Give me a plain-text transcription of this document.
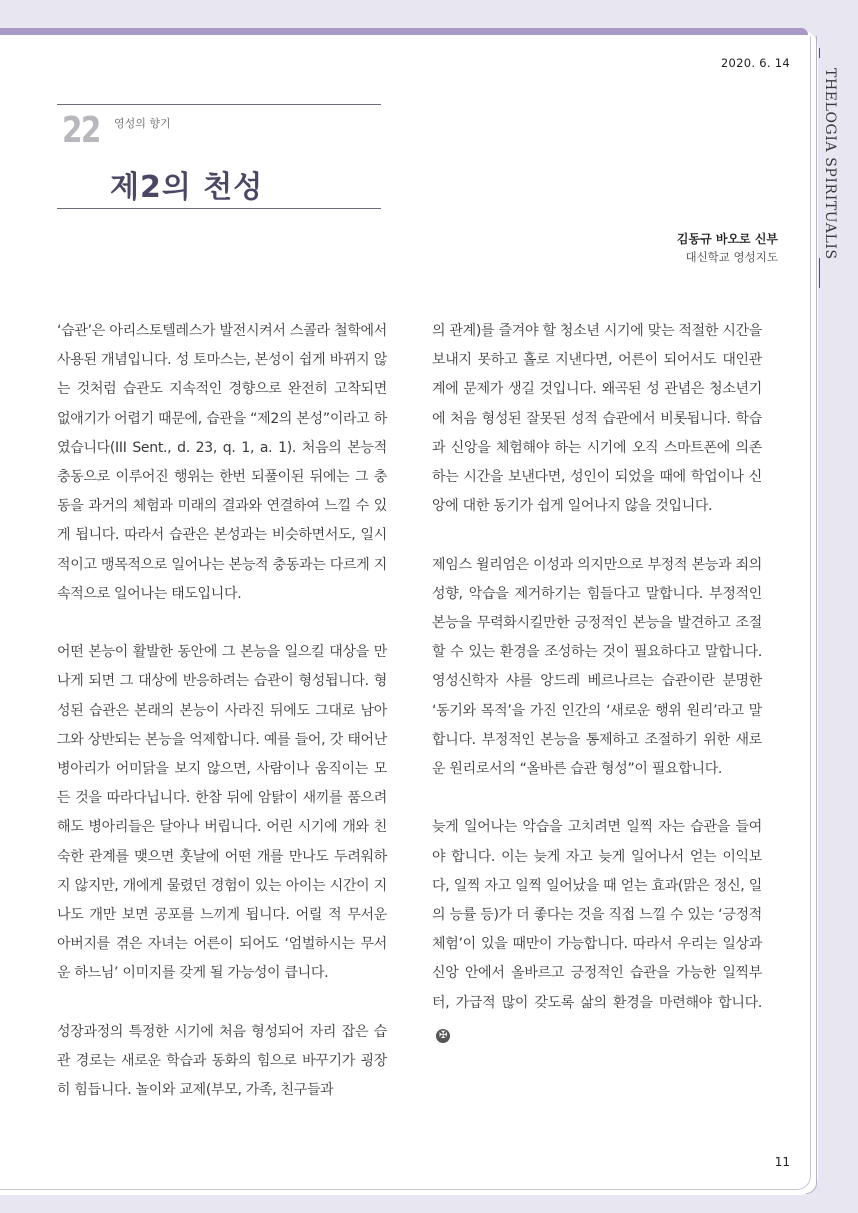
THELOGIA SPIRITUALIS
2020. 6. 14
22 영성의 향기
제2의 천성
김동규 바오로 신부
대신학교 영성지도

‘습관’은 아리스토텔레스가 발전시켜서 스콜라 철학에서 사용된 개념입니다. 성 토마스는, 본성이 쉽게 바뀌지 않는 것처럼 습관도 지속적인 경향으로 완전히 고착되면 없애기가 어렵기 때문에, 습관을 “제2의 본성”이라고 하였습니다(III Sent., d. 23, q. 1, a. 1). 처음의 본능적 충동으로 이루어진 행위는 한번 되풀이된 뒤에는 그 충동을 과거의 체험과 미래의 결과와 연결하여 느낄 수 있게 됩니다. 따라서 습관은 본성과는 비슷하면서도, 일시적이고 맹목적으로 일어나는 본능적 충동과는 다르게 지속적으로 일어나는 태도입니다.

어떤 본능이 활발한 동안에 그 본능을 일으킬 대상을 만나게 되면 그 대상에 반응하려는 습관이 형성됩니다. 형성된 습관은 본래의 본능이 사라진 뒤에도 그대로 남아 그와 상반되는 본능을 억제합니다. 예를 들어, 갓 태어난 병아리가 어미닭을 보지 않으면, 사람이나 움직이는 모든 것을 따라다닙니다. 한참 뒤에 암탉이 새끼를 품으려 해도 병아리들은 달아나 버립니다. 어린 시기에 개와 친숙한 관계를 맺으면 훗날에 어떤 개를 만나도 두려워하지 않지만, 개에게 물렸던 경험이 있는 아이는 시간이 지나도 개만 보면 공포를 느끼게 됩니다. 어릴 적 무서운 아버지를 겪은 자녀는 어른이 되어도 ‘엄벌하시는 무서운 하느님’ 이미지를 갖게 될 가능성이 큽니다.

성장과정의 특정한 시기에 처음 형성되어 자리 잡은 습관 경로는 새로운 학습과 동화의 힘으로 바꾸기가 굉장히 힘듭니다. 놀이와 교제(부모, 가족, 친구들과

의 관계)를 즐겨야 할 청소년 시기에 맞는 적절한 시간을 보내지 못하고 홀로 지낸다면, 어른이 되어서도 대인관계에 문제가 생길 것입니다. 왜곡된 성 관념은 청소년기에 처음 형성된 잘못된 성적 습관에서 비롯됩니다. 학습과 신앙을 체험해야 하는 시기에 오직 스마트폰에 의존하는 시간을 보낸다면, 성인이 되었을 때에 학업이나 신앙에 대한 동기가 쉽게 일어나지 않을 것입니다.

제임스 윌리엄은 이성과 의지만으로 부정적 본능과 죄의 성향, 악습을 제거하기는 힘들다고 말합니다. 부정적인 본능을 무력화시킬만한 긍정적인 본능을 발견하고 조절할 수 있는 환경을 조성하는 것이 필요하다고 말합니다. 영성신학자 샤를 앙드레 베르나르는 습관이란 분명한 ‘동기와 목적’을 가진 인간의 ‘새로운 행위 원리’라고 말합니다. 부정적인 본능을 통제하고 조절하기 위한 새로운 원리로서의 “올바른 습관 형성”이 필요합니다.

늦게 일어나는 악습을 고치려면 일찍 자는 습관을 들여야 합니다. 이는 늦게 자고 늦게 일어나서 얻는 이익보다, 일찍 자고 일찍 일어났을 때 얻는 효과(맑은 정신, 일의 능률 등)가 더 좋다는 것을 직접 느낄 수 있는 ‘긍정적 체험’이 있을 때만이 가능합니다. 따라서 우리는 일상과 신앙 안에서 올바르고 긍정적인 습관을 가능한 일찍부터, 가급적 많이 갖도록 삶의 환경을 마련해야 합니다.✠

11
